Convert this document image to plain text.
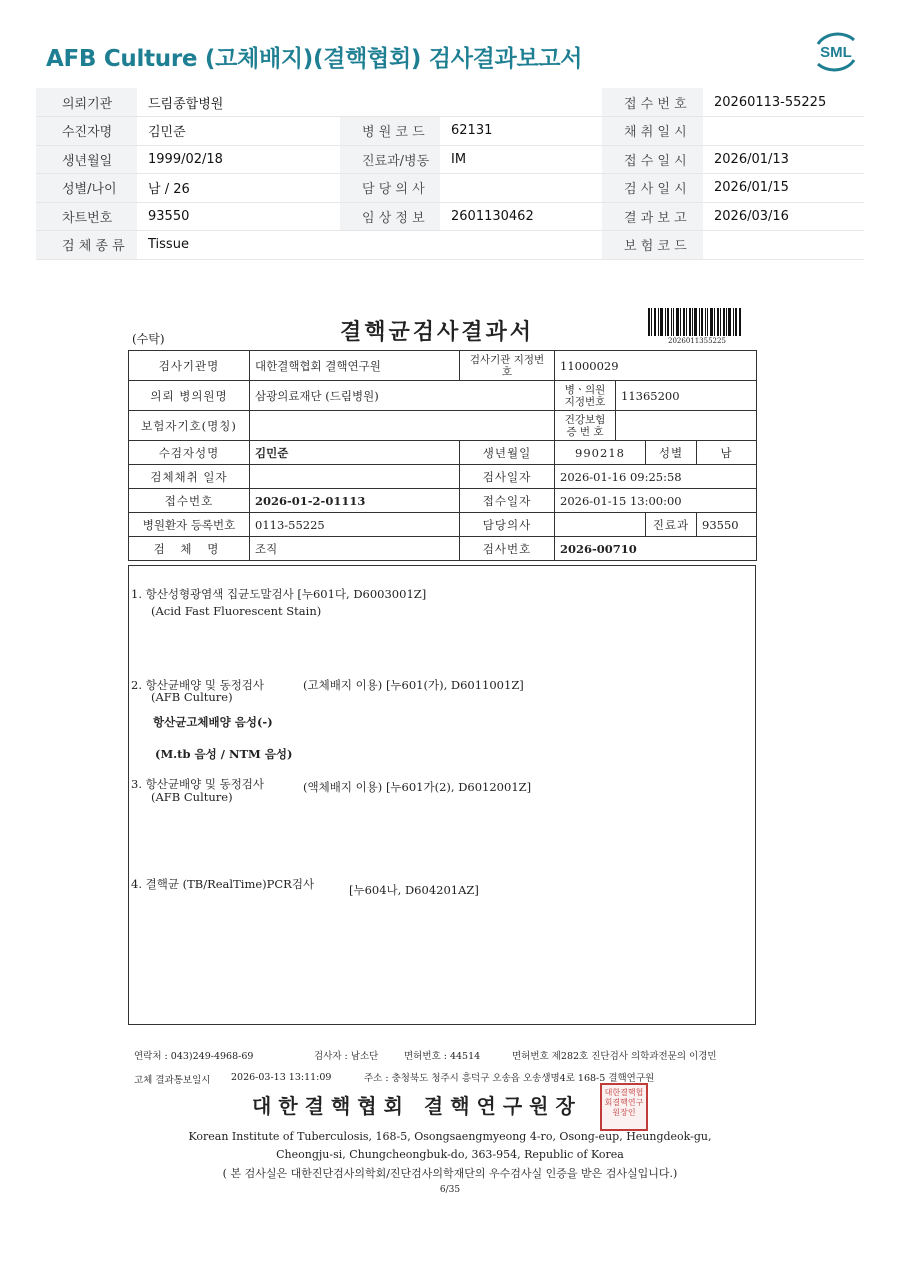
AFB Culture (고체배지)(결핵협회) 검사결과보고서	SML
의뢰기관	드림종합병원			접 수 번 호	20260113-55225
수진자명	김민준	병 원 코 드	62131	채 취 일 시	
생년월일	1999/02/18	진료과/병동	IM	접 수 일 시	2026/01/13
성별/나이	남 / 26	담 당 의 사		검 사 일 시	2026/01/15
차트번호	93550	임 상 정 보	2601130462	결 과 보 고	2026/03/16
검 체 종 류	Tissue			보 험 코 드	
(수탁)	결핵균검사결과서	2026011355225
검사기관명	대한결핵협회 결핵연구원	검사기관 지정번호	11000029			
의뢰 병의원명	삼광의료재단 (드림병원)		병ㆍ의원 지정번호	11365200		
보험자기호(명칭)			건강보험 증 번 호			
수검자성명	김민준	생년월일	990218		성별	남
검체채취 일자		검사일자	2026-01-16 09:25:58			
접수번호	2026-01-2-01113	접수일자	2026-01-15 13:00:00			
병원환자 등록번호	0113-55225	담당의사			진료과	93550
검 체 명	조직	검사번호	2026-00710			
1. 항산성형광염색 집균도말검사 [누601다, D6003001Z]
(Acid Fast Fluorescent Stain)
2. 항산균배양 및 동정검사	(고체배지 이용) [누601(가), D6011001Z]
(AFB Culture)
항산균고체배양 음성(-)
(M.tb 음성 / NTM 음성)
3. 항산균배양 및 동정검사	(액체배지 이용) [누601가(2), D6012001Z]
(AFB Culture)
4. 결핵균 (TB/RealTime)PCR검사	[누604나, D604201AZ]
연락처 : 043)249-4968-69	검사자 : 남소단	면허번호 : 44514	면허번호 제282호 진단검사 의학과전문의 이경민
고체 결과통보일시 2026-03-13 13:11:09	주소 : 충청북도 청주시 흥덕구 오송읍 오송생명4로 168-5 결핵연구원
대한결핵협회 결핵연구원장
대한결핵협회결핵연구원장인
Korean Institute of Tuberculosis, 168-5, Osongsaengmyeong 4-ro, Osong-eup, Heungdeok-gu,
Cheongju-si, Chungcheongbuk-do, 363-954, Republic of Korea
( 본 검사실은 대한진단검사의학회/진단검사의학재단의 우수검사실 인증을 받은 검사실입니다.)
6/35
